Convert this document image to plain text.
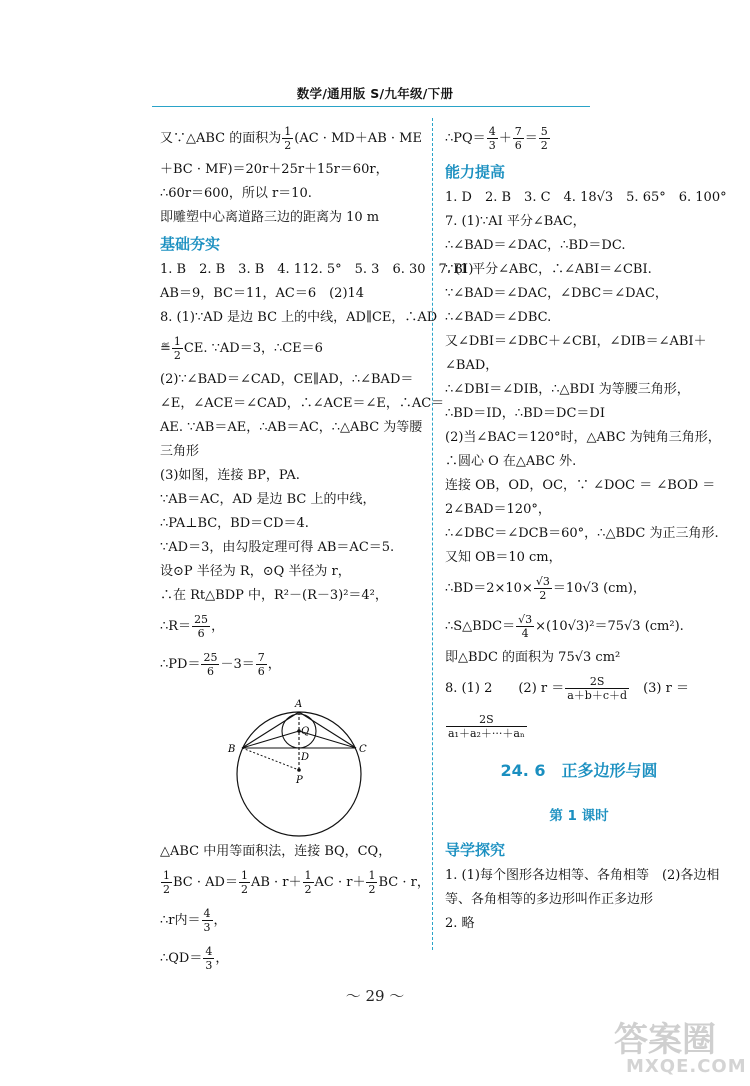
数学/通用版 S/九年级/下册
又∵△ABC 的面积为 $\frac{1}{2} (AC \cdot MD+AB$ · ME
＋BC · MF)＝20r＋25r＋15r＝60r，
∴60r＝600，所以 r＝10.
即雕塑中心离道路三边的距离为 10 m
基础夯实
1. B　2. B　3. B　4. 112. 5°　5. 3　6. 30　7. (1)
AB＝9，BC＝11，AC＝6　(2)14
8. (1)∵AD 是边 BC 上的中线，AD∥CE，∴AD
≝ $\frac{1}{2}$ CE. ∵AD＝3，∴CE＝6
(2)∵∠BAD＝∠CAD，CE∥AD，∴∠BAD＝
∠E，∠ACE＝∠CAD，∴∠ACE＝∠E，∴AC＝
AE. ∵AB＝AE，∴AB＝AC，∴△ABC 为等腰
三角形
(3)如图，连接 BP，PA.
∵AB＝AC，AD 是边 BC 上的中线，
∴PA⊥BC，BD＝CD＝4.
∵AD＝3，由勾股定理可得 AB＝AC＝5.
设⊙P 半径为 R，⊙Q 半径为 r，
∴在 Rt△BDP 中，R²－(R－3)²＝4²，
∴R＝ $\frac{25}{6}$ ，
∴PD＝ $\frac{25}{6} -3= \frac{7}{6}$ ，
△ABC 中用等面积法，连接 BQ，CQ，
$\frac{1}{2}$ BC · $AD= \frac{1}{2}$ AB · $r+ \frac{1}{2}$ AC · $r+ \frac{1}{2}$ BC · r，
∴r内＝ $\frac{4}{3}$ ，
∴QD＝ $\frac{4}{3}$ ，
A
B	C
D
Q
P
∴PQ＝ $\frac{4}{3} + \frac{7}{6} = \frac{5}{2}$
能力提高
1. D　2. B　3. C　4. 18√3　5. 65°　6. 100°
7. (1)∵AI 平分∠BAC，
∴∠BAD＝∠DAC，∴BD＝DC.
∵BI 平分∠ABC，∴∠ABI＝∠CBI.
∵∠BAD＝∠DAC，∠DBC＝∠DAC，
∴∠BAD＝∠DBC.
又∠DBI＝∠DBC＋∠CBI，∠DIB＝∠ABI＋
∠BAD，
∴∠DBI＝∠DIB，∴△BDI 为等腰三角形，
∴BD＝ID，∴BD＝DC＝DI
(2)当∠BAC＝120°时，△ABC 为钝角三角形，
∴圆心 O 在△ABC 外.
连接 OB，OD，OC，∵ ∠DOC ＝ ∠BOD ＝
2∠BAD＝120°，
∴∠DBC＝∠DCB＝60°，∴△BDC 为正三角形.
又知 OB＝10 cm，
∴BD＝2×10× $\frac{√3}{2} =10√3$ (cm)，
∴S△BDC＝ $\frac{√3}{4} \times(10√3)^2=75√3$ (cm²).
即△BDC 的面积为 75√3 cm²
8. (1) 2　　(2) $r = \frac{2S}{a+b+c+d}$ 　(3) r ＝
$\frac{2S}{\text{a₁＋a₂＋···＋aₙ}}$
24. 6　正多边形与圆
第 1 课时
导学探究
1. (1)每个图形各边相等、各角相等　(2)各边相
等、各角相等的多边形叫作正多边形
2. 略
～ 29 ～
答案圈
MXQE.COM
